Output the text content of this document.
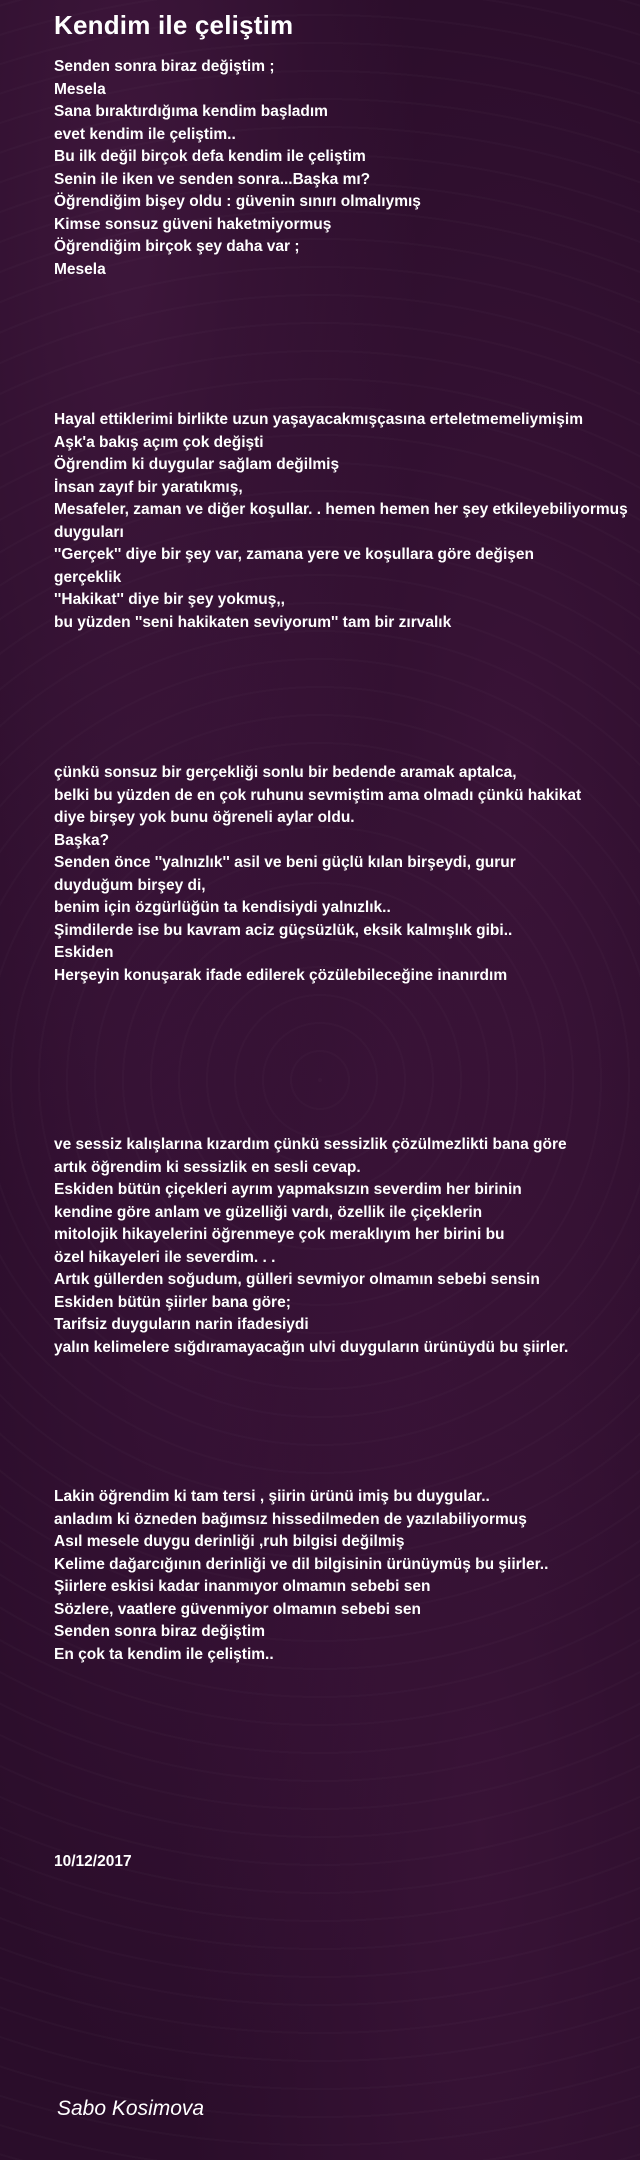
Kendim ile çeliştim
Senden sonra biraz değiştim ;
Mesela
Sana bıraktırdığıma kendim başladım
evet kendim ile çeliştim..
Bu ilk değil birçok defa kendim ile çeliştim
Senin ile iken ve senden sonra...Başka mı?
Öğrendiğim bişey oldu : güvenin sınırı olmalıymış
Kimse sonsuz güveni haketmiyormuş
Öğrendiğim birçok şey daha var ;
Mesela
Hayal ettiklerimi birlikte uzun yaşayacakmışçasına erteletmemeliymişim
Aşk'a bakış açım çok değişti
Öğrendim ki duygular sağlam değilmiş
İnsan zayıf bir yaratıkmış,
Mesafeler, zaman ve diğer koşullar. . hemen hemen her şey etkileyebiliyormuş
duyguları
''Gerçek'' diye bir şey var, zamana yere ve koşullara göre değişen
gerçeklik
''Hakikat'' diye bir şey yokmuş,,
bu yüzden ''seni hakikaten seviyorum'' tam bir zırvalık
çünkü sonsuz bir gerçekliği sonlu bir bedende aramak aptalca,
belki bu yüzden de en çok ruhunu sevmiştim ama olmadı çünkü hakikat
diye birşey yok bunu öğreneli aylar oldu.
Başka?
Senden önce ''yalnızlık'' asil ve beni güçlü kılan birşeydi, gurur
duyduğum birşey di,
benim için özgürlüğün ta kendisiydi yalnızlık..
Şimdilerde ise bu kavram aciz güçsüzlük, eksik kalmışlık gibi..
Eskiden
Herşeyin konuşarak ifade edilerek çözülebileceğine inanırdım
ve sessiz kalışlarına kızardım çünkü sessizlik çözülmezlikti bana göre
artık öğrendim ki sessizlik en sesli cevap.
Eskiden bütün çiçekleri ayrım yapmaksızın severdim her birinin
kendine göre anlam ve güzelliği vardı, özellik ile çiçeklerin
mitolojik hikayelerini öğrenmeye çok meraklıyım her birini bu
özel hikayeleri ile severdim. . .
Artık güllerden soğudum, gülleri sevmiyor olmamın sebebi sensin
Eskiden bütün şiirler bana göre;
Tarifsiz duyguların narin ifadesiydi
yalın kelimelere sığdıramayacağın ulvi duyguların ürünüydü bu şiirler.
Lakin öğrendim ki tam tersi , şiirin ürünü imiş bu duygular..
anladım ki özneden bağımsız hissedilmeden de yazılabiliyormuş
Asıl mesele duygu derinliği ,ruh bilgisi değilmiş
Kelime dağarcığının derinliği ve dil bilgisinin ürünüymüş bu şiirler..
Şiirlere eskisi kadar inanmıyor olmamın sebebi sen
Sözlere, vaatlere güvenmiyor olmamın sebebi sen
Senden sonra biraz değiştim
En çok ta kendim ile çeliştim..
10/12/2017
Sabo Kosimova
